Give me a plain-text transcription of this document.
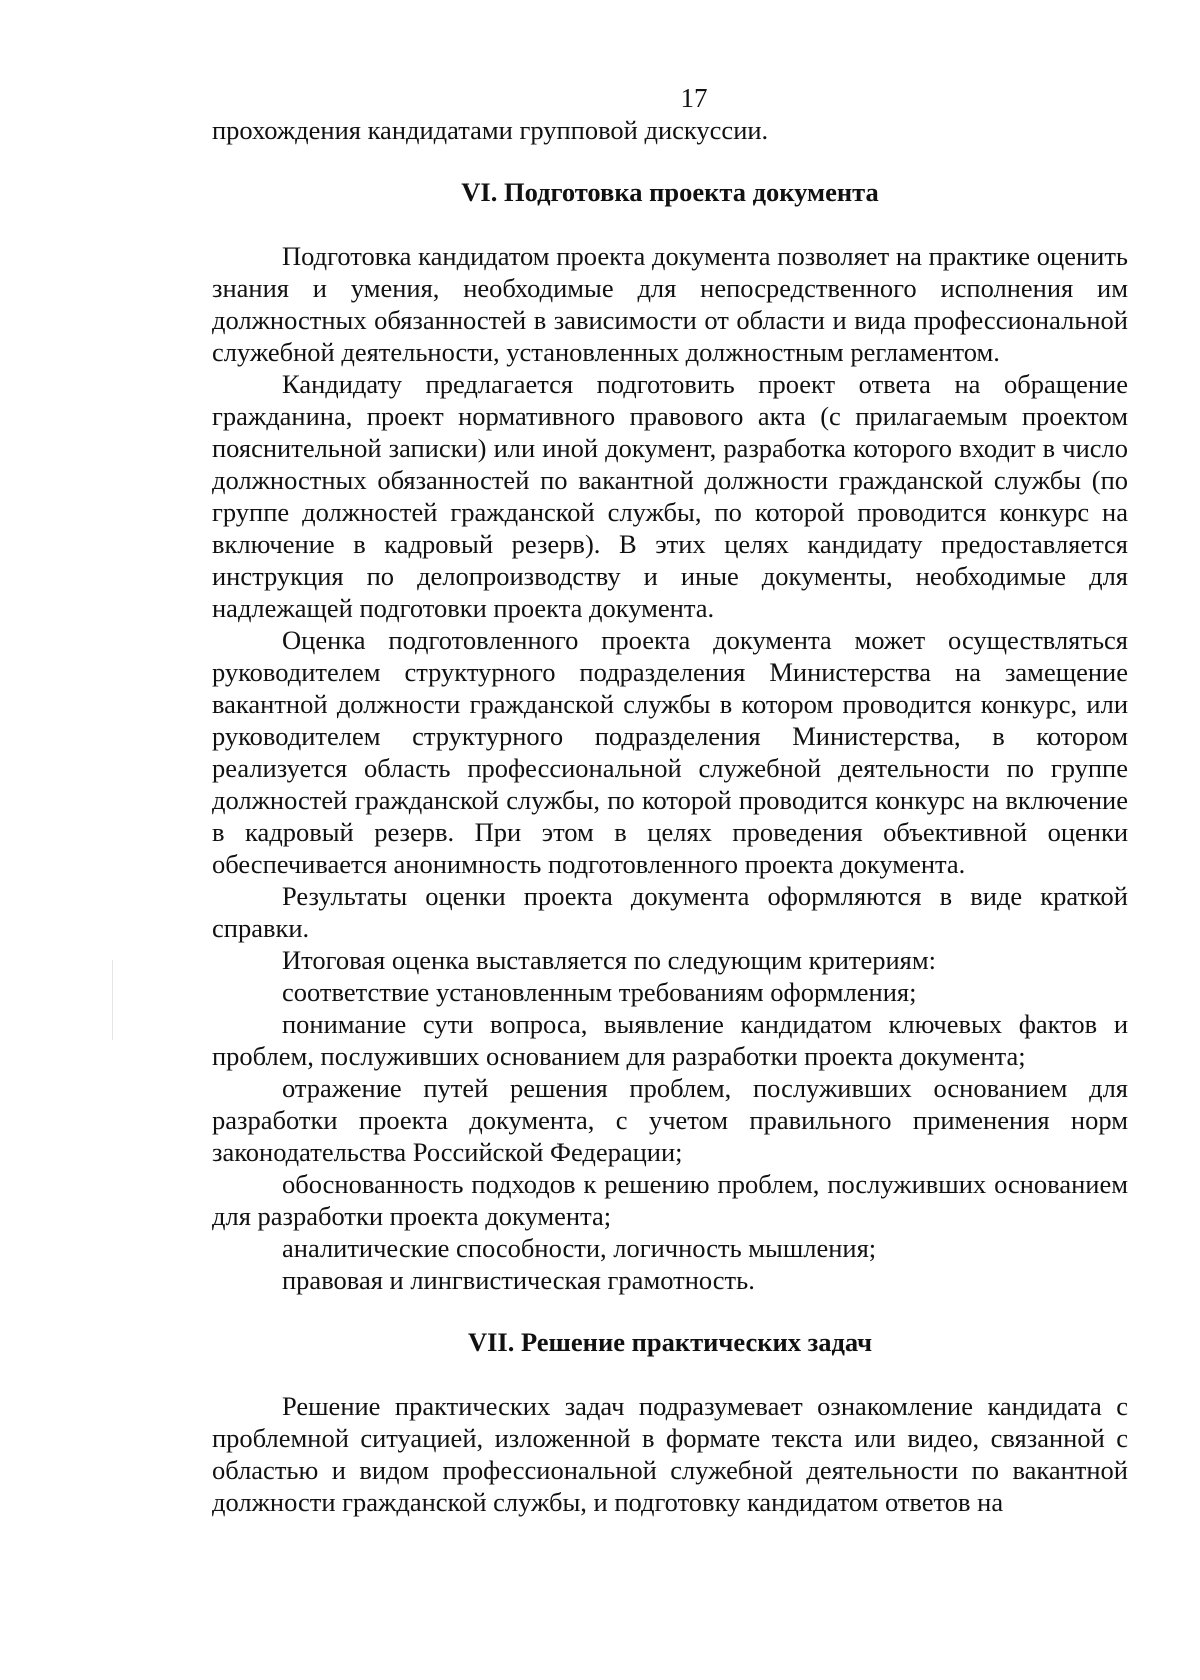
17

прохождения кандидатами групповой дискуссии.

VI. Подготовка проекта документа

Подготовка кандидатом проекта документа позволяет на практике оценить знания и умения, необходимые для непосредственного исполнения им должностных обязанностей в зависимости от области и вида профессиональной служебной деятельности, установленных должностным регламентом.

Кандидату предлагается подготовить проект ответа на обращение гражданина, проект нормативного правового акта (с прилагаемым проектом пояснительной записки) или иной документ, разработка которого входит в число должностных обязанностей по вакантной должности гражданской службы (по группе должностей гражданской службы, по которой проводится конкурс на включение в кадровый резерв). В этих целях кандидату предоставляется инструкция по делопроизводству и иные документы, необходимые для надлежащей подготовки проекта документа.

Оценка подготовленного проекта документа может осуществляться руководителем структурного подразделения Министерства на замещение вакантной должности гражданской службы в котором проводится конкурс, или руководителем структурного подразделения Министерства, в котором реализуется область профессиональной служебной деятельности по группе должностей гражданской службы, по которой проводится конкурс на включение в кадровый резерв. При этом в целях проведения объективной оценки обеспечивается анонимность подготовленного проекта документа.

Результаты оценки проекта документа оформляются в виде краткой справки.

Итоговая оценка выставляется по следующим критериям:

соответствие установленным требованиям оформления;

понимание сути вопроса, выявление кандидатом ключевых фактов и проблем, послуживших основанием для разработки проекта документа;

отражение путей решения проблем, послуживших основанием для разработки проекта документа, с учетом правильного применения норм законодательства Российской Федерации;

обоснованность подходов к решению проблем, послуживших основанием для разработки проекта документа;

аналитические способности, логичность мышления;

правовая и лингвистическая грамотность.

VII. Решение практических задач

Решение практических задач подразумевает ознакомление кандидата с проблемной ситуацией, изложенной в формате текста или видео, связанной с областью и видом профессиональной служебной деятельности по вакантной должности гражданской службы, и подготовку кандидатом ответов на
